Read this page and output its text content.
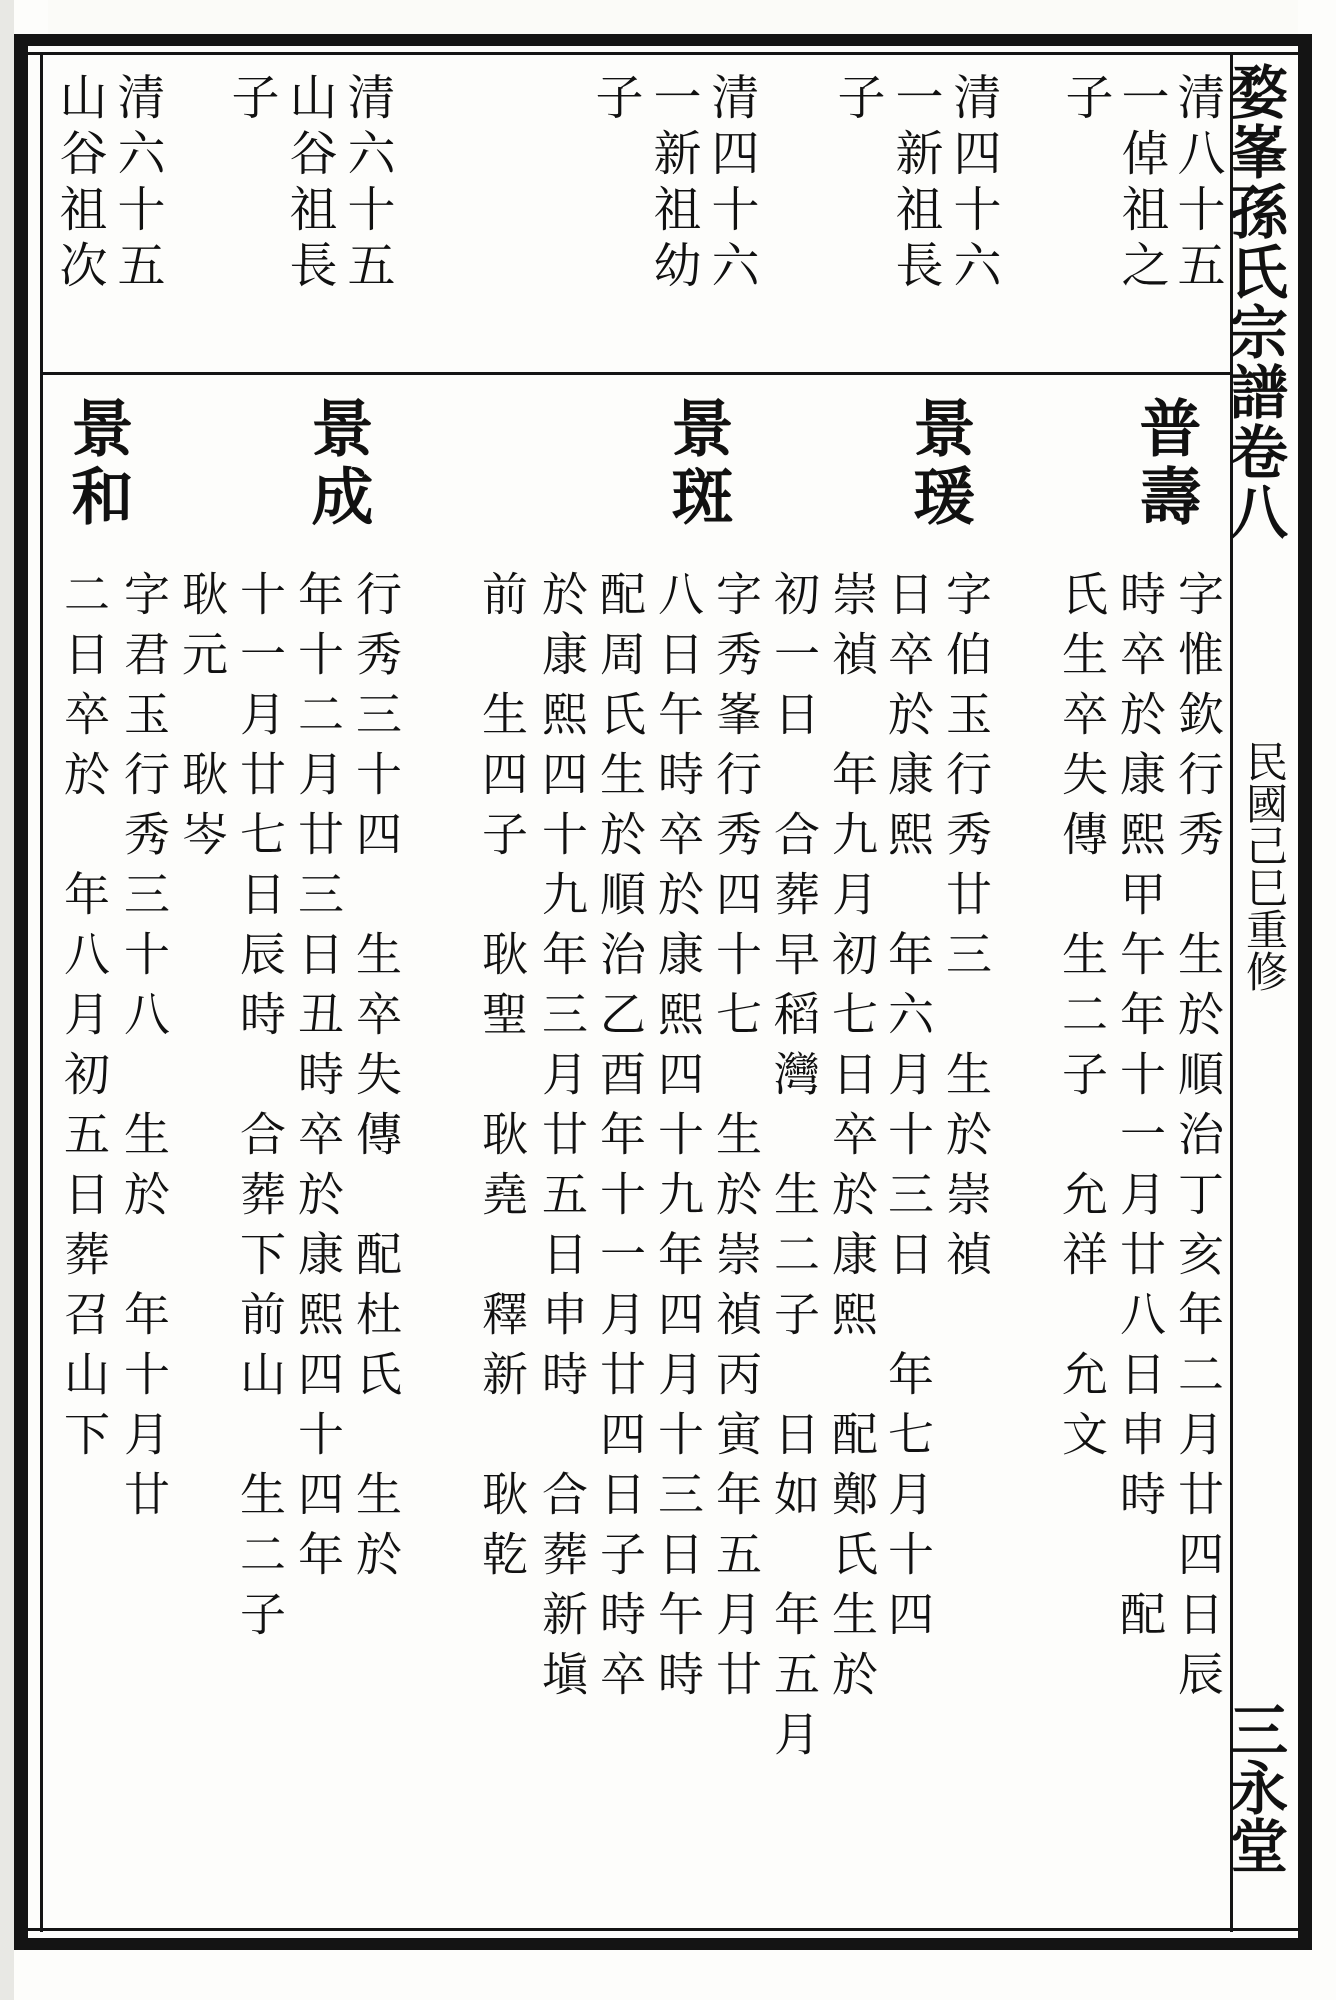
婺峯孫氏宗譜卷八
民國己巳重修
三永堂
清八十五
一倬祖之
子
清四十六
一新祖長
子
清四十六
一新祖幼
子
清六十五
山谷祖長
子
清六十五
山谷祖次
普壽
景瑗
景斑
景成
景和
字惟欽行秀　生於順治丁亥年二月廿四日辰
時卒於康熙甲午年十一月廿八日申時　配
氏生卒失傳　生二子　允祥　允文
字伯玉行秀廿三　生於崇禎
日卒於康熙　年六月十三日　年七月十四
崇禎　年九月初七日卒於康熙　配鄭氏生於
初一日　合葬早稻灣　生二子　日如　年五月
字秀峯行秀四十七　生於崇禎丙寅年五月廿
八日午時卒於康熙四十九年四月十三日午時
配周氏生於順治乙酉年十一月廿四日子時卒
於康熙四十九年三月廿五日申時　合葬新塡
前　生四子　耿聖　耿堯　釋新　耿乾
行秀三十四　生卒失傳　配杜氏　生於
年十二月廿三日丑時卒於康熙四十四年
十一月廿七日辰時　合葬下前山　生二子
耿元　耿岑
字君玉行秀三十八　生於　年十月廿
二日卒於　年八月初五日葬召山下
